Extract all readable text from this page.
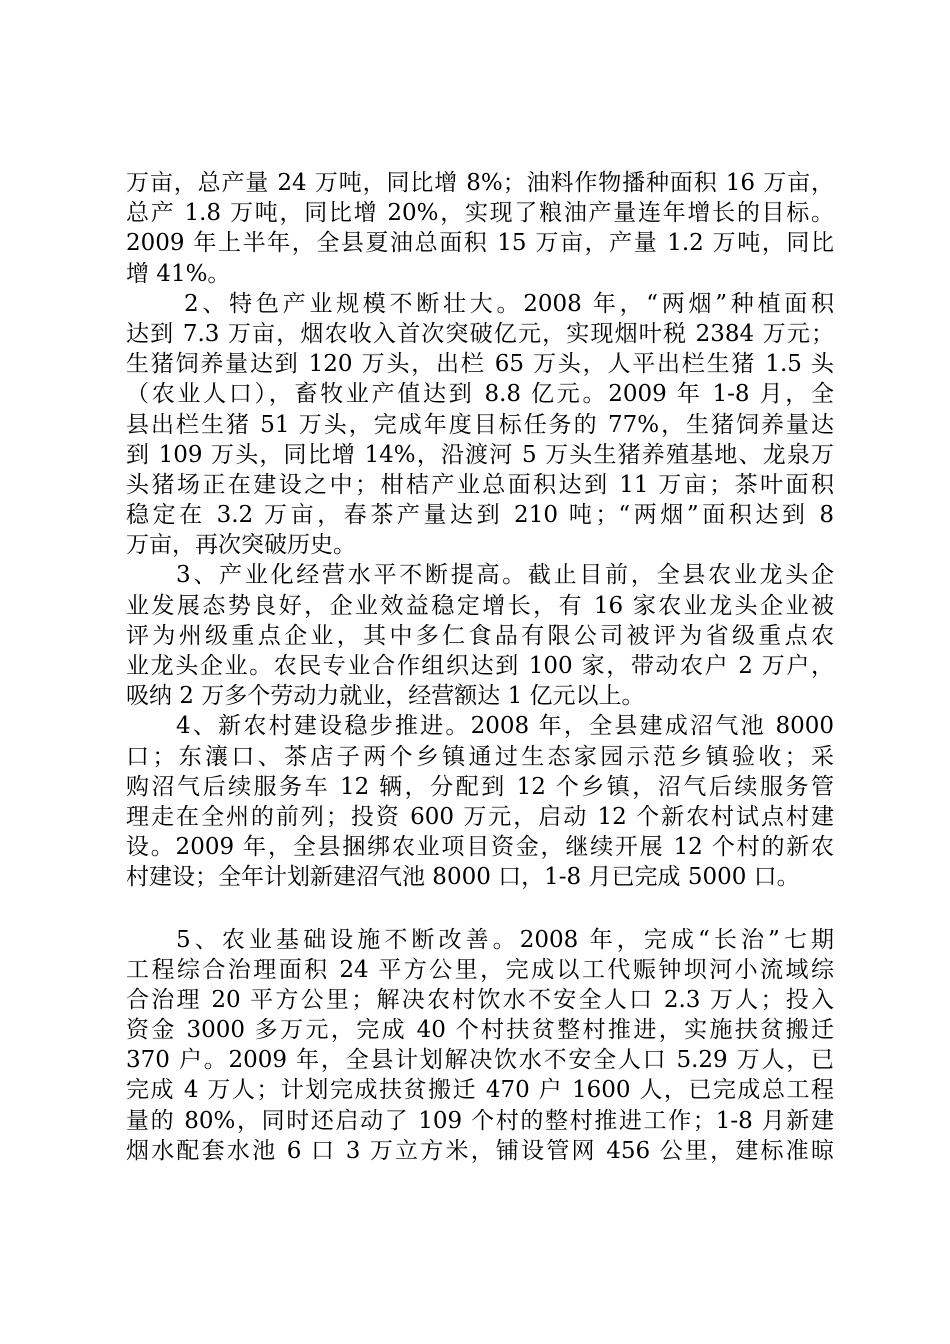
万亩，总产量 24 万吨，同比增 8%；油料作物播种面积 16 万亩，
总产 1.8 万吨，同比增 20%，实现了粮油产量连年增长的目标。
2009 年上半年，全县夏油总面积 15 万亩，产量 1.2 万吨，同比
增 41%。
2、特色产业规模不断壮大。2008 年，“两烟”种植面积
达到 7.3 万亩，烟农收入首次突破亿元，实现烟叶税 2384 万元；
生猪饲养量达到 120 万头，出栏 65 万头，人平出栏生猪 1.5 头
（农业人口），畜牧业产值达到 8.8 亿元。2009 年 1-8 月，全
县出栏生猪 51 万头，完成年度目标任务的 77%，生猪饲养量达
到 109 万头，同比增 14%，沿渡河 5 万头生猪养殖基地、龙泉万
头猪场正在建设之中；柑桔产业总面积达到 11 万亩；茶叶面积
稳定在 3.2 万亩，春茶产量达到 210 吨；“两烟”面积达到 8
万亩，再次突破历史。
3、产业化经营水平不断提高。截止目前，全县农业龙头企
业发展态势良好，企业效益稳定增长，有 16 家农业龙头企业被
评为州级重点企业，其中多仁食品有限公司被评为省级重点农
业龙头企业。农民专业合作组织达到 100 家，带动农户 2 万户，
吸纳 2 万多个劳动力就业，经营额达 1 亿元以上。
4、新农村建设稳步推进。2008 年，全县建成沼气池 8000
口；东瀼口、茶店子两个乡镇通过生态家园示范乡镇验收；采
购沼气后续服务车 12 辆，分配到 12 个乡镇，沼气后续服务管
理走在全州的前列；投资 600 万元，启动 12 个新农村试点村建
设。2009 年，全县捆绑农业项目资金，继续开展 12 个村的新农
村建设；全年计划新建沼气池 8000 口，1-8 月已完成 5000 口。
5、农业基础设施不断改善。2008 年，完成“长治”七期
工程综合治理面积 24 平方公里，完成以工代赈钟坝河小流域综
合治理 20 平方公里；解决农村饮水不安全人口 2.3 万人；投入
资金 3000 多万元，完成 40 个村扶贫整村推进，实施扶贫搬迁
370 户。2009 年，全县计划解决饮水不安全人口 5.29 万人，已
完成 4 万人；计划完成扶贫搬迁 470 户 1600 人，已完成总工程
量的 80%，同时还启动了 109 个村的整村推进工作；1-8 月新建
烟水配套水池 6 口 3 万立方米，铺设管网 456 公里，建标准晾
